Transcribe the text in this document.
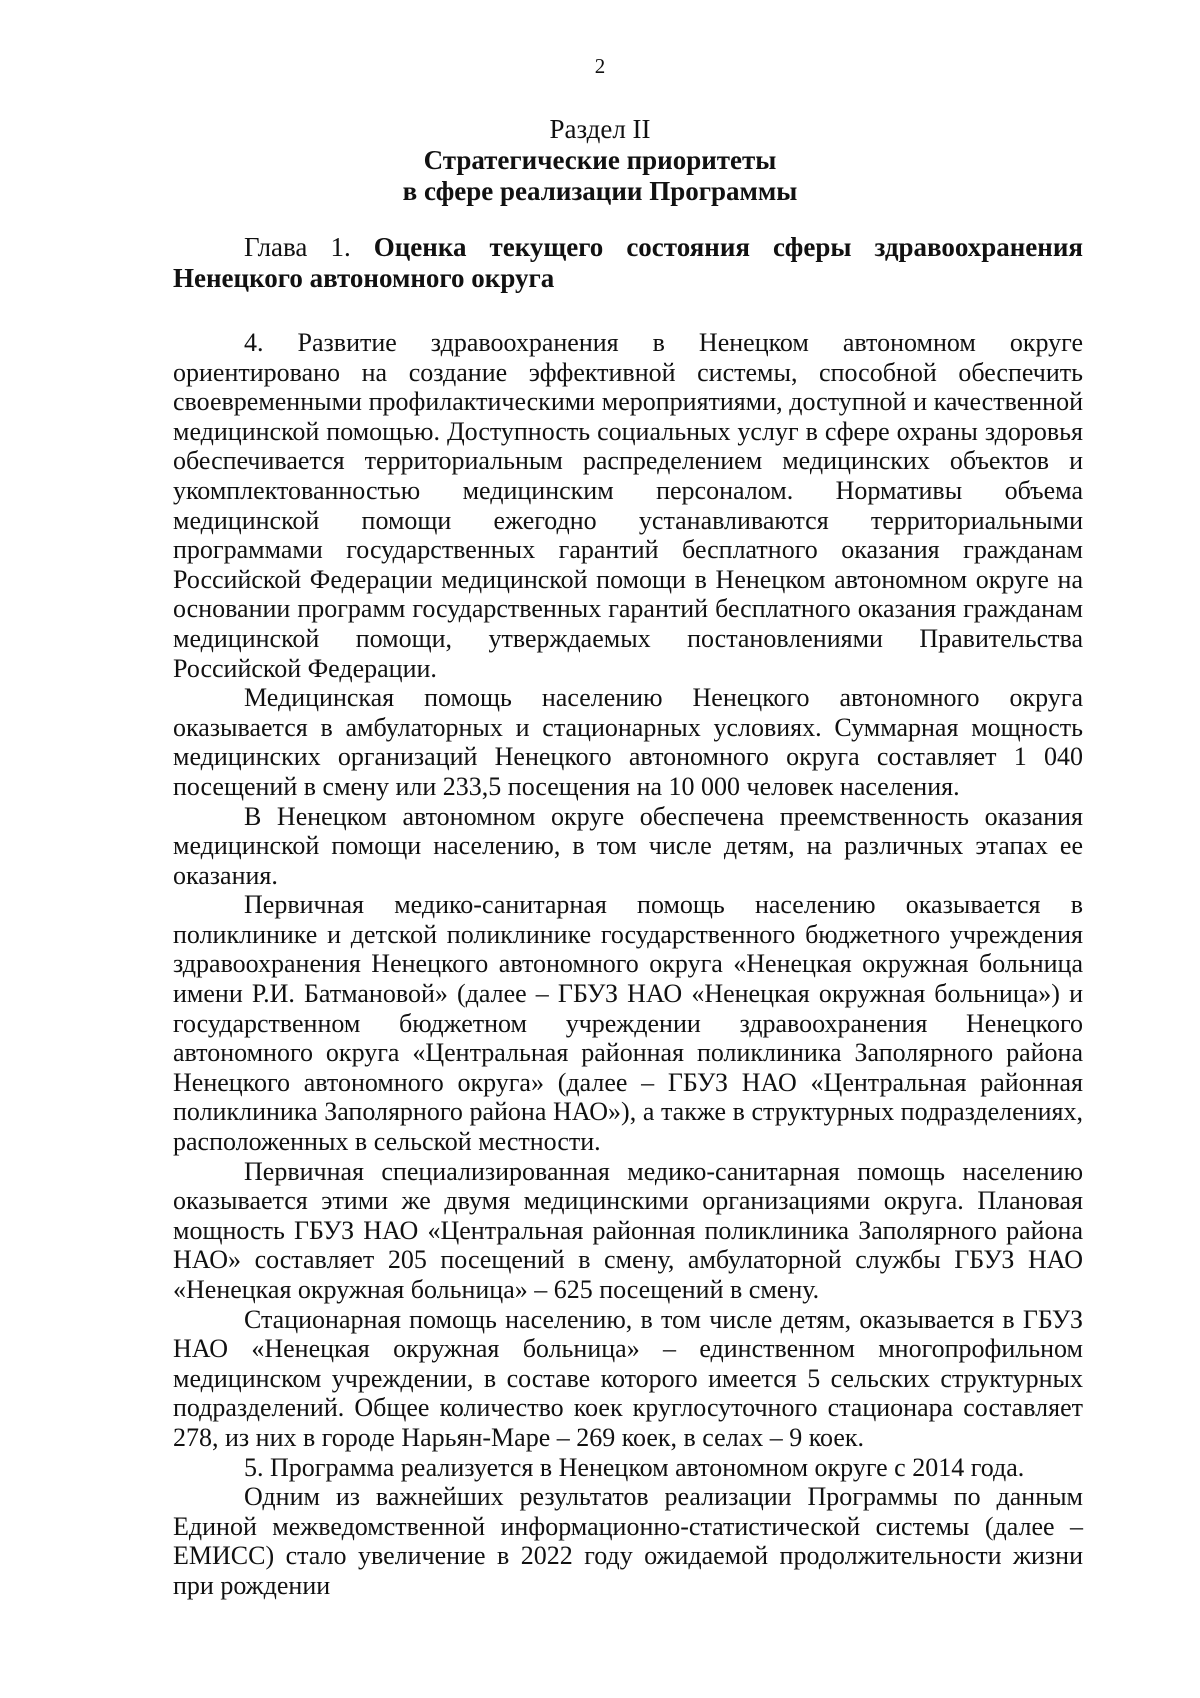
2
Раздел II
Стратегические приоритеты
в сфере реализации Программы
Глава 1. Оценка текущего состояния сферы здравоохранения Ненецкого автономного округа

4. Развитие здравоохранения в Ненецком автономном округе ориентировано на создание эффективной системы, способной обеспечить своевременными профилактическими мероприятиями, доступной и качественной медицинской помощью. Доступность социальных услуг в сфере охраны здоровья обеспечивается территориальным распределением медицинских объектов и укомплектованностью медицинским персоналом. Нормативы объема медицинской помощи ежегодно устанавливаются территориальными программами государственных гарантий бесплатного оказания гражданам Российской Федерации медицинской помощи в Ненецком автономном округе на основании программ государственных гарантий бесплатного оказания гражданам медицинской помощи, утверждаемых постановлениями Правительства Российской Федерации.

Медицинская помощь населению Ненецкого автономного округа оказывается в амбулаторных и стационарных условиях. Суммарная мощность медицинских организаций Ненецкого автономного округа составляет 1 040 посещений в смену или 233,5 посещения на 10 000 человек населения.

В Ненецком автономном округе обеспечена преемственность оказания медицинской помощи населению, в том числе детям, на различных этапах ее оказания.

Первичная медико-санитарная помощь населению оказывается в поликлинике и детской поликлинике государственного бюджетного учреждения здравоохранения Ненецкого автономного округа «Ненецкая окружная больница имени Р.И. Батмановой» (далее – ГБУЗ НАО «Ненецкая окружная больница») и государственном бюджетном учреждении здравоохранения Ненецкого автономного округа «Центральная районная поликлиника Заполярного района Ненецкого автономного округа» (далее – ГБУЗ НАО «Центральная районная поликлиника Заполярного района НАО»), а также в структурных подразделениях, расположенных в сельской местности.

Первичная специализированная медико-санитарная помощь населению оказывается этими же двумя медицинскими организациями округа. Плановая мощность ГБУЗ НАО «Центральная районная поликлиника Заполярного района НАО» составляет 205 посещений в смену, амбулаторной службы ГБУЗ НАО «Ненецкая окружная больница» – 625 посещений в смену.

Стационарная помощь населению, в том числе детям, оказывается в ГБУЗ НАО «Ненецкая окружная больница» – единственном многопрофильном медицинском учреждении, в составе которого имеется 5 сельских структурных подразделений. Общее количество коек круглосуточного стационара составляет 278, из них в городе Нарьян-Маре – 269 коек, в селах – 9 коек.

5. Программа реализуется в Ненецком автономном округе с 2014 года.

Одним из важнейших результатов реализации Программы по данным Единой межведомственной информационно-статистической системы (далее – ЕМИСС) стало увеличение в 2022 году ожидаемой продолжительности жизни при рождении
